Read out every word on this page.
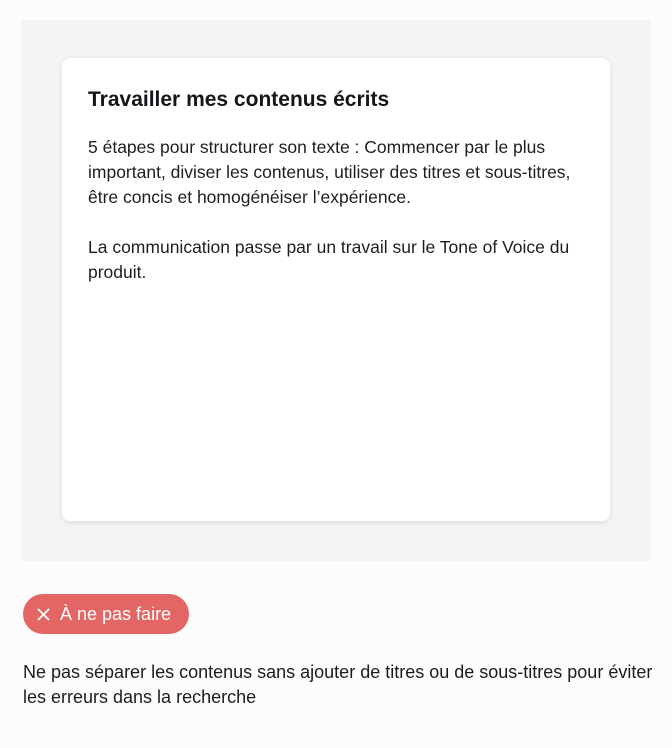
Travailler mes contenus écrits

5 étapes pour structurer son texte : Commencer par le plus important, diviser les contenus, utiliser des titres et sous-titres, être concis et homogénéiser l’expérience.

La communication passe par un travail sur le Tone of Voice du produit.

À ne pas faire

Ne pas séparer les contenus sans ajouter de titres ou de sous-titres pour éviter les erreurs dans la recherche
